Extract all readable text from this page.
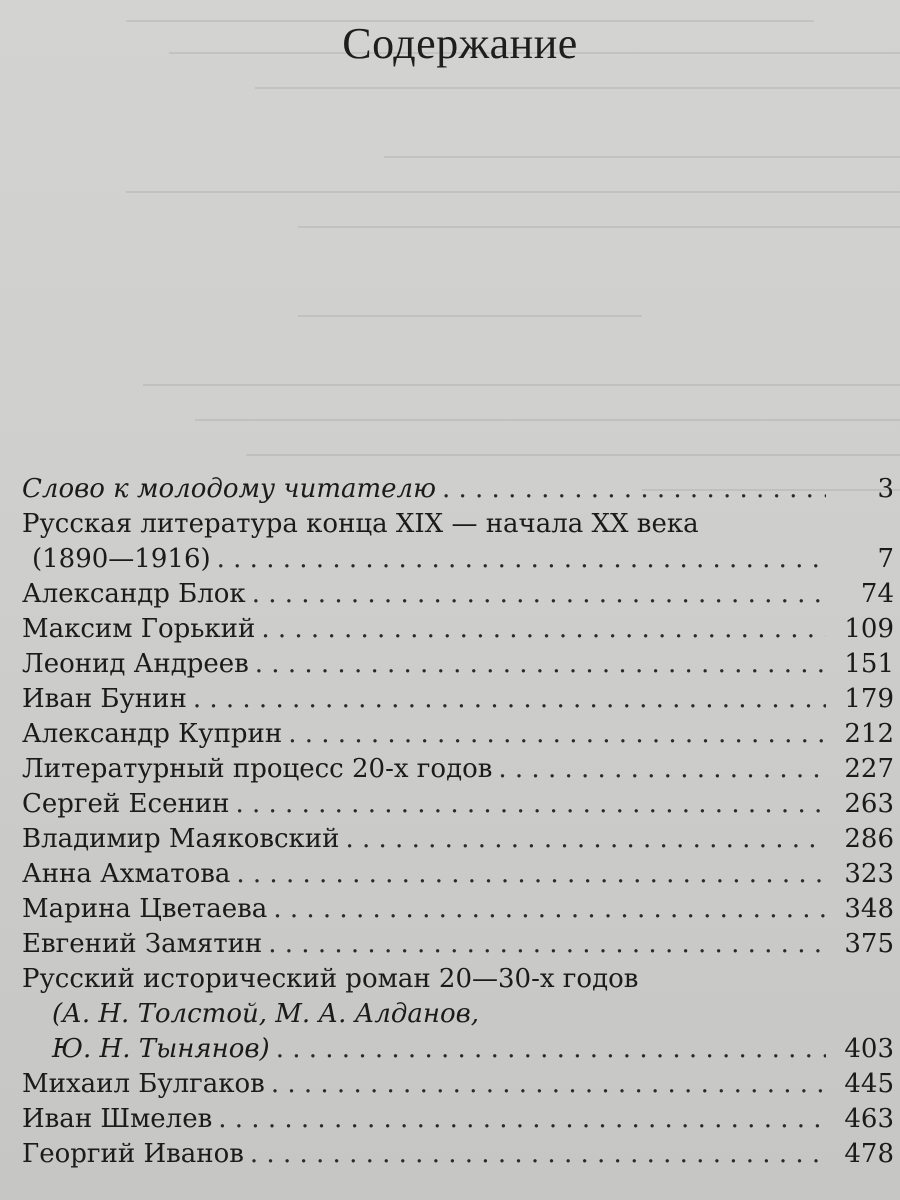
Содержание
Слово к молодому читателю . . .	3
Русская литература конца XIX — начала XX века
(1890—1916) . . .	7
Александр Блок . . .	74
Максим Горький . . .	109
Леонид Андреев . . .	151
Иван Бунин . . .	179
Александр Куприн . . .	212
Литературный процесс 20-х годов . . .	227
Сергей Есенин . . .	263
Владимир Маяковский . . .	286
Анна Ахматова . . .	323
Марина Цветаева . . .	348
Евгений Замятин . . .	375
Русский исторический роман 20—30-х годов
(А. Н. Толстой, М. А. Алданов,
Ю. Н. Тынянов) . . .	403
Михаил Булгаков . . .	445
Иван Шмелев . . .	463
Георгий Иванов . . .	478
